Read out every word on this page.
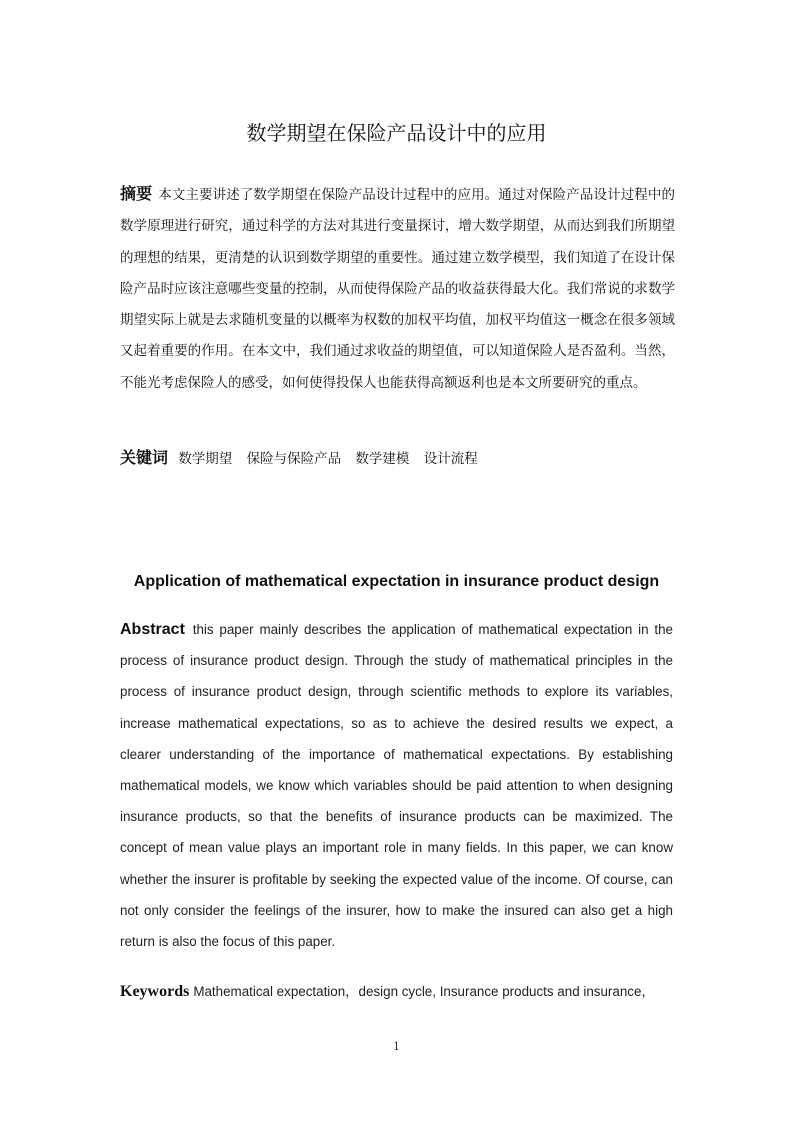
数学期望在保险产品设计中的应用

摘要 本文主要讲述了数学期望在保险产品设计过程中的应用。通过对保险产品设计过程中的数学原理进行研究，通过科学的方法对其进行变量探讨，增大数学期望，从而达到我们所期望的理想的结果，更清楚的认识到数学期望的重要性。通过建立数学模型，我们知道了在设计保险产品时应该注意哪些变量的控制，从而使得保险产品的收益获得最大化。我们常说的求数学期望实际上就是去求随机变量的以概率为权数的加权平均值，加权平均值这一概念在很多领域又起着重要的作用。在本文中，我们通过求收益的期望值，可以知道保险人是否盈利。当然，不能光考虑保险人的感受，如何使得投保人也能获得高额返利也是本文所要研究的重点。

关键词 数学期望 保险与保险产品 数学建模 设计流程
Application of mathematical expectation in insurance product design

Abstract this paper mainly describes the application of mathematical expectation in the process of insurance product design. Through the study of mathematical principles in the process of insurance product design, through scientific methods to explore its variables, increase mathematical expectations, so as to achieve the desired results we expect, a clearer understanding of the importance of mathematical expectations. By establishing mathematical models, we know which variables should be paid attention to when designing insurance products, so that the benefits of insurance products can be maximized. The concept of mean value plays an important role in many fields. In this paper, we can know whether the insurer is profitable by seeking the expected value of the income. Of course, can not only consider the feelings of the insurer, how to make the insured can also get a high return is also the focus of this paper.

Keywords Mathematical expectation，design cycle, Insurance products and insurance，
1
